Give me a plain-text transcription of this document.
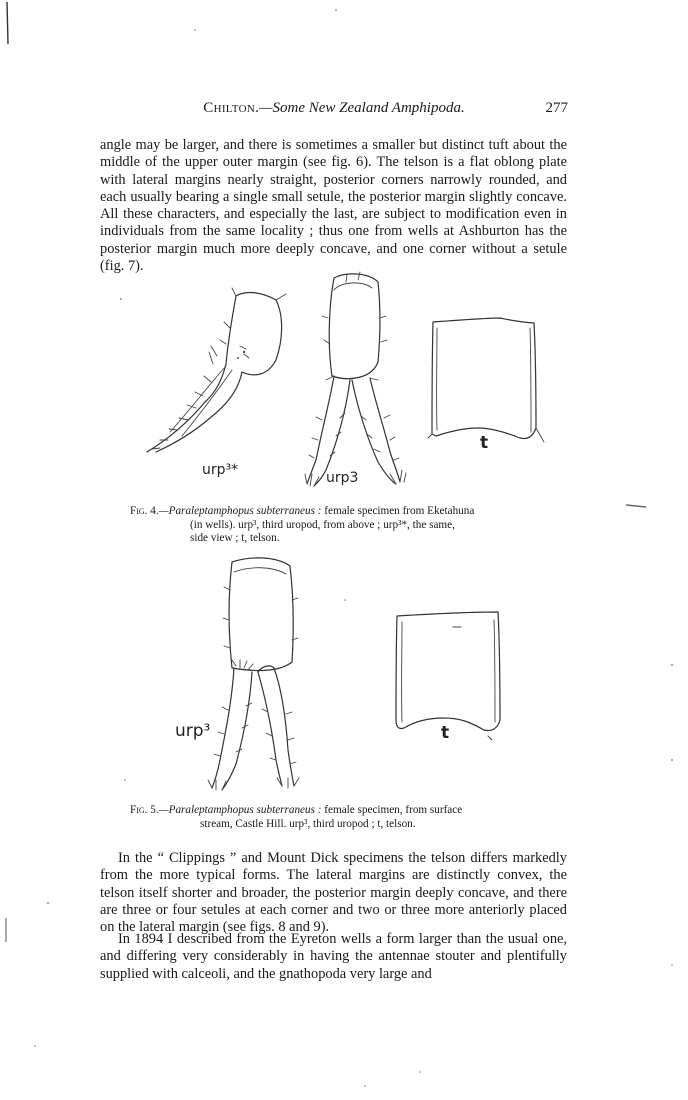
Chilton.—Some New Zealand Amphipoda.	277

angle may be larger, and there is sometimes a smaller but distinct tuft about the middle of the upper outer margin (see fig. 6). The telson is a flat oblong plate with lateral margins nearly straight, posterior corners narrowly rounded, and each usually bearing a single small setule, the posterior margin slightly concave. All these characters, and especially the last, are subject to modification even in individuals from the same locality ; thus one from wells at Ashburton has the posterior margin much more deeply concave, and one corner without a setule (fig. 7).

urp³*	urp3
t
Fig. 4.—Paraleptamphopus subterraneus : female specimen from Eketahuna
(in wells). urp³, third uropod, from above ; urp³*, the same,
side view ; t, telson.
urp³	t
Fig. 5.—Paraleptamphopus subterraneus : female specimen, from surface
stream, Castle Hill. urp³, third uropod ; t, telson.

In the “ Clippings ” and Mount Dick specimens the telson differs markedly from the more typical forms. The lateral margins are distinctly convex, the telson itself shorter and broader, the posterior margin deeply concave, and there are three or four setules at each corner and two or three more anteriorly placed on the lateral margin (see figs. 8 and 9).

In 1894 I described from the Eyreton wells a form larger than the usual one, and differing very considerably in having the antennae stouter and plentifully supplied with calceoli, and the gnathopoda very large and
